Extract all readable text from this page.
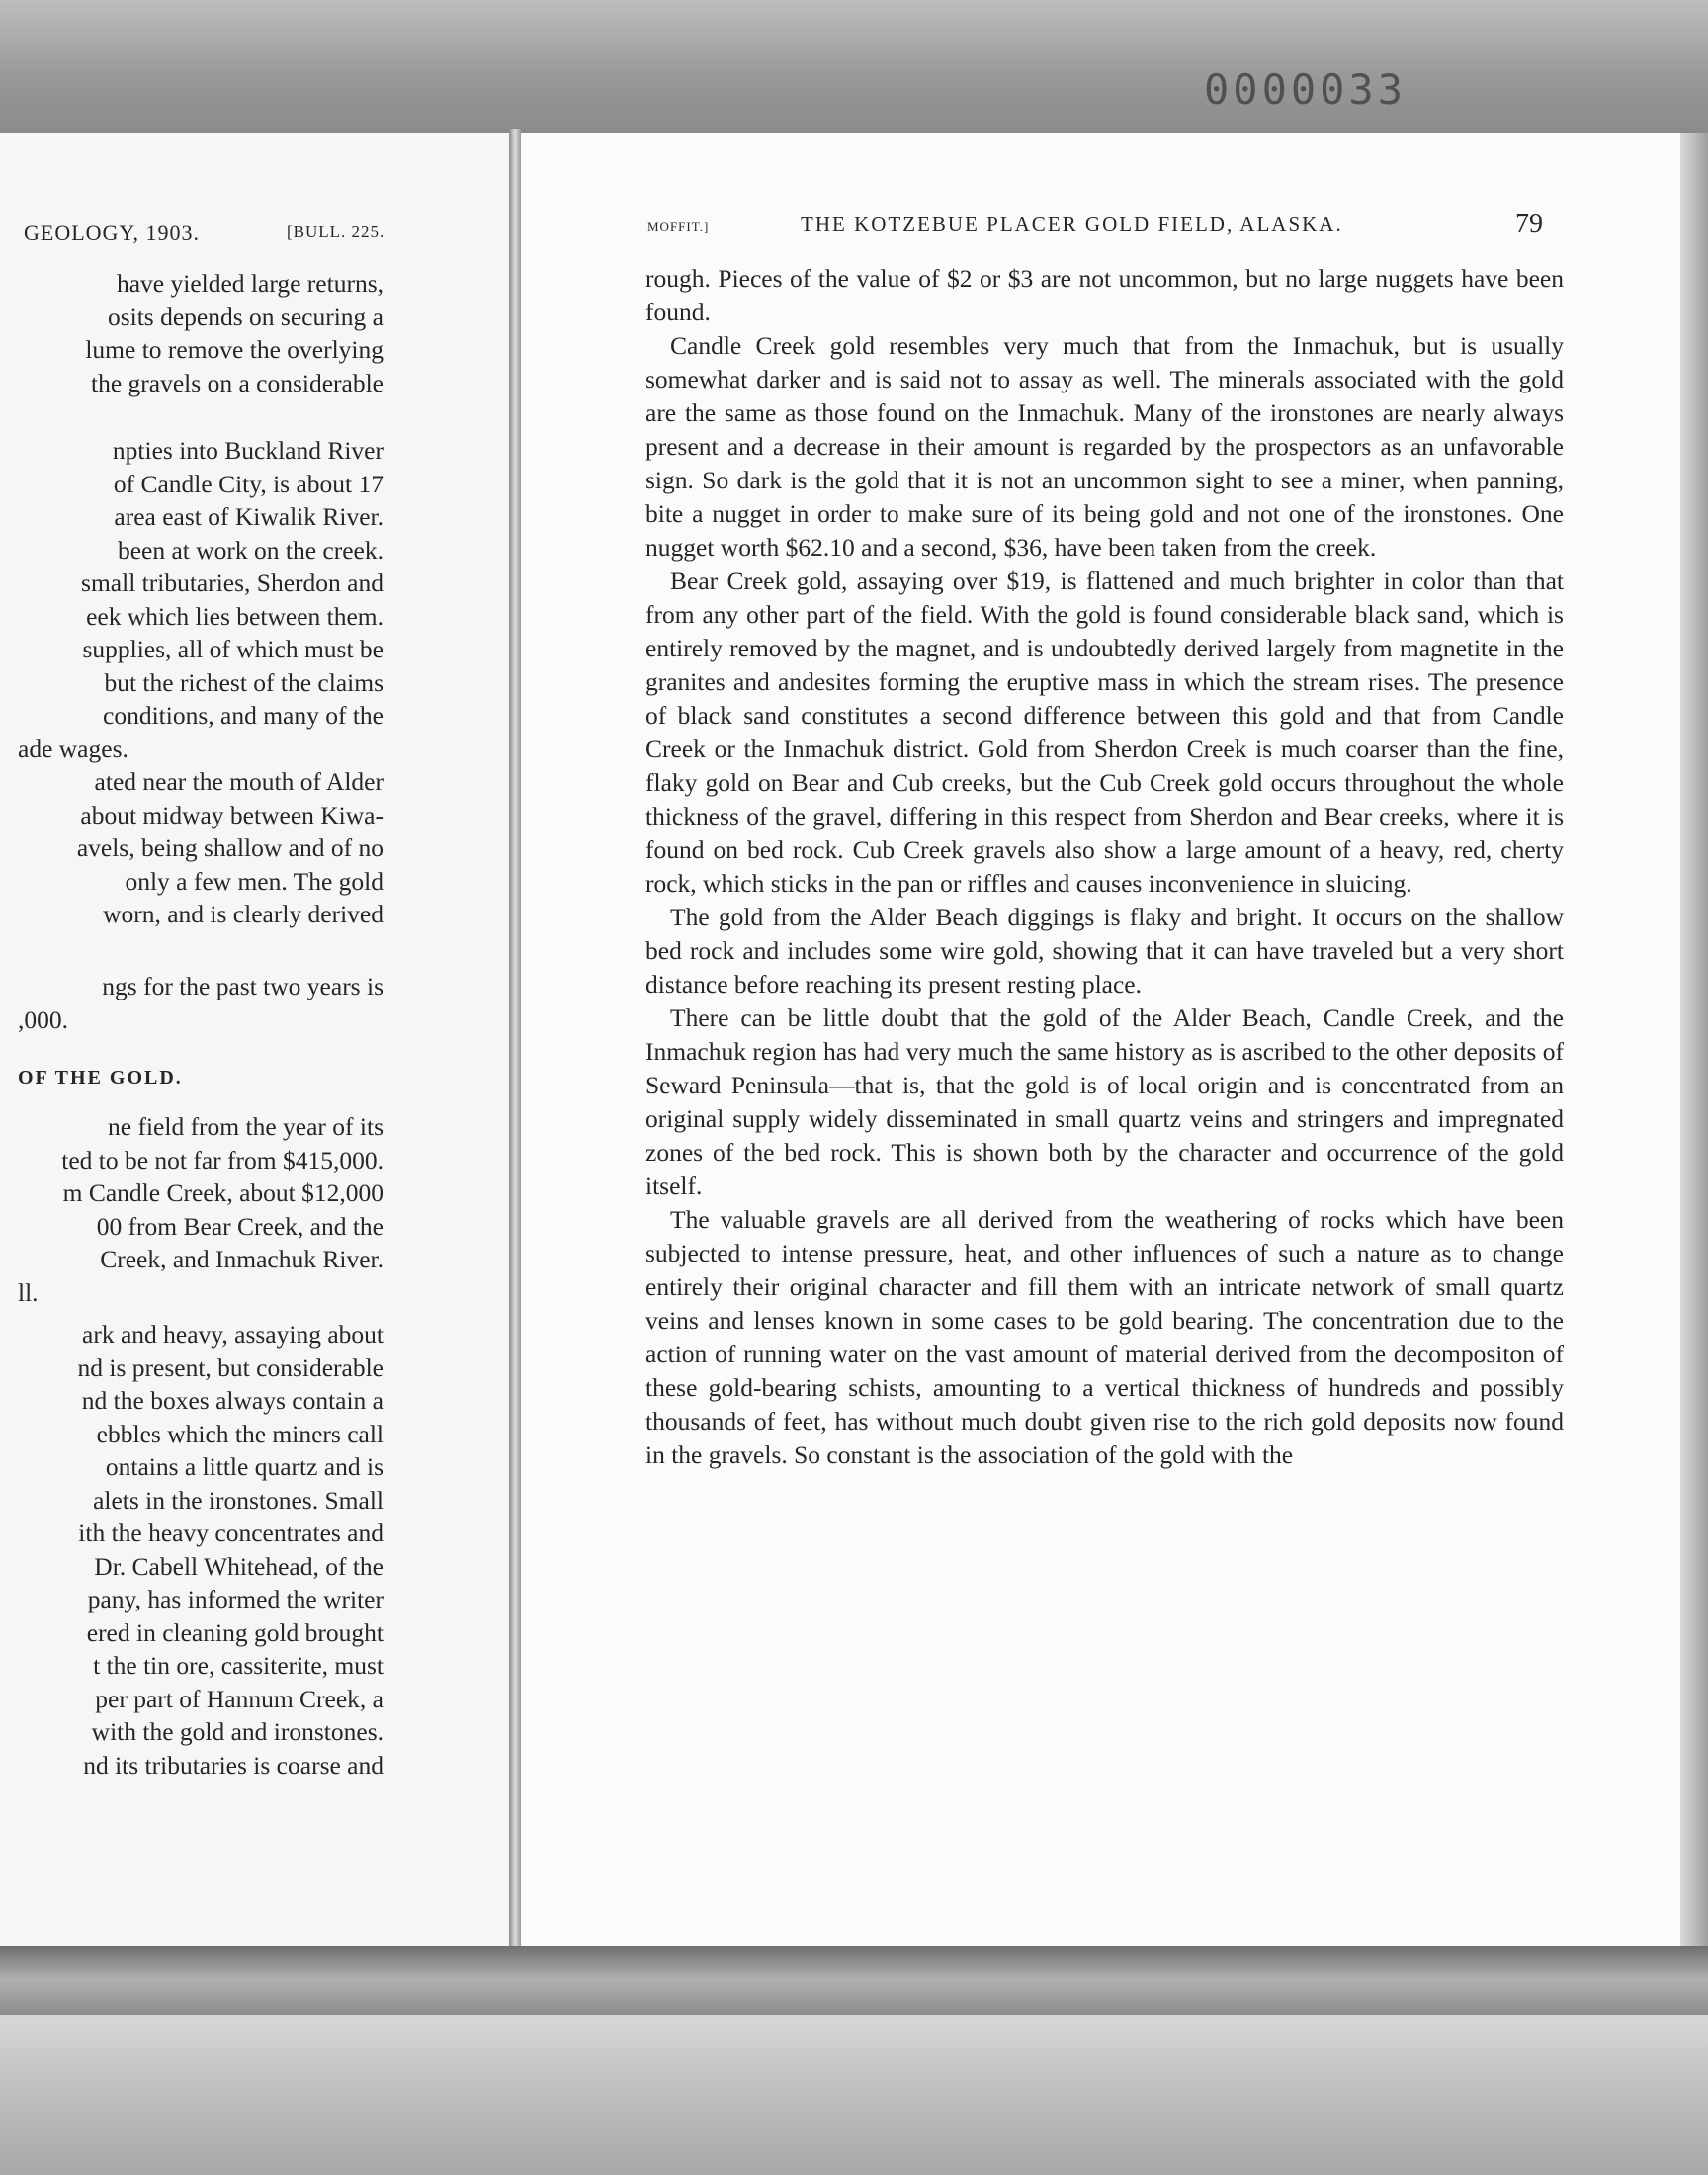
0000033
GEOLOGY, 1903.	[BULL. 225.
have yielded large returns,
osits depends on securing a
lume to remove the overlying
the gravels on a considerable
npties into Buckland River
of Candle City, is about 17
area east of Kiwalik River.
been at work on the creek.
small tributaries, Sherdon and
eek which lies between them.
supplies, all of which must be
but the richest of the claims
conditions, and many of the
ade wages.
ated near the mouth of Alder
about midway between Kiwa-
avels, being shallow and of no
only a few men. The gold
worn, and is clearly derived
ngs for the past two years is
,000.
ne field from the year of its
ted to be not far from $415,000.
m Candle Creek, about $12,000
00 from Bear Creek, and the
Creek, and Inmachuk River.
ll.
ark and heavy, assaying about
nd is present, but considerable
nd the boxes always contain a
ebbles which the miners call
ontains a little quartz and is
alets in the ironstones. Small
ith the heavy concentrates and
Dr. Cabell Whitehead, of the
pany, has informed the writer
ered in cleaning gold brought
t the tin ore, cassiterite, must
per part of Hannum Creek, a
with the gold and ironstones.
nd its tributaries is coarse and
OF THE GOLD.
MOFFIT.]	THE KOTZEBUE PLACER GOLD FIELD, ALASKA.	79

rough. Pieces of the value of $2 or $3 are not uncommon, but no large nuggets have been found.

Candle Creek gold resembles very much that from the Inmachuk, but is usually somewhat darker and is said not to assay as well. The minerals associated with the gold are the same as those found on the Inmachuk. Many of the ironstones are nearly always present and a decrease in their amount is regarded by the prospectors as an unfavorable sign. So dark is the gold that it is not an uncommon sight to see a miner, when panning, bite a nugget in order to make sure of its being gold and not one of the ironstones. One nugget worth $62.10 and a second, $36, have been taken from the creek.

Bear Creek gold, assaying over $19, is flattened and much brighter in color than that from any other part of the field. With the gold is found considerable black sand, which is entirely removed by the magnet, and is undoubtedly derived largely from magnetite in the granites and andesites forming the eruptive mass in which the stream rises. The presence of black sand constitutes a second difference between this gold and that from Candle Creek or the Inmachuk district. Gold from Sherdon Creek is much coarser than the fine, flaky gold on Bear and Cub creeks, but the Cub Creek gold occurs throughout the whole thickness of the gravel, differing in this respect from Sherdon and Bear creeks, where it is found on bed rock. Cub Creek gravels also show a large amount of a heavy, red, cherty rock, which sticks in the pan or riffles and causes inconvenience in sluicing.

The gold from the Alder Beach diggings is flaky and bright. It occurs on the shallow bed rock and includes some wire gold, showing that it can have traveled but a very short distance before reaching its present resting place.

There can be little doubt that the gold of the Alder Beach, Candle Creek, and the Inmachuk region has had very much the same history as is ascribed to the other deposits of Seward Peninsula—that is, that the gold is of local origin and is concentrated from an original supply widely disseminated in small quartz veins and stringers and impregnated zones of the bed rock. This is shown both by the character and occurrence of the gold itself.

The valuable gravels are all derived from the weathering of rocks which have been subjected to intense pressure, heat, and other influences of such a nature as to change entirely their original character and fill them with an intricate network of small quartz veins and lenses known in some cases to be gold bearing. The concentration due to the action of running water on the vast amount of material derived from the decompositon of these gold-bearing schists, amounting to a vertical thickness of hundreds and possibly thousands of feet, has without much doubt given rise to the rich gold deposits now found in the gravels. So constant is the association of the gold with the
